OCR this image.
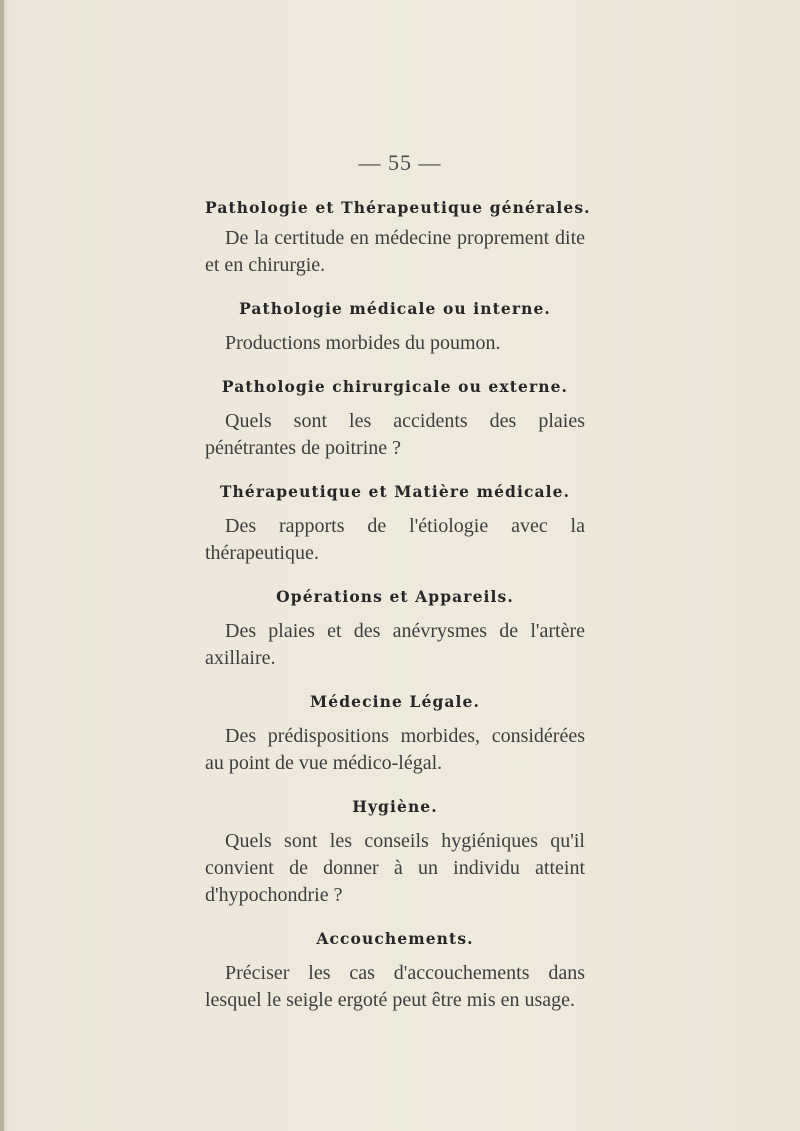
— 55 —
Pathologie et Thérapeutique générales.

De la certitude en médecine proprement dite et en chirurgie.

Pathologie médicale ou interne.

Productions morbides du poumon.

Pathologie chirurgicale ou externe.

Quels sont les accidents des plaies pénétrantes de poitrine ?

Thérapeutique et Matière médicale.

Des rapports de l'étiologie avec la thérapeutique.

Opérations et Appareils.

Des plaies et des anévrysmes de l'artère axillaire.

Médecine Légale.

Des prédispositions morbides, considérées au point de vue médico-légal.

Hygiène.

Quels sont les conseils hygiéniques qu'il convient de donner à un individu atteint d'hypochondrie ?

Accouchements.

Préciser les cas d'accouchements dans lesquel le seigle ergoté peut être mis en usage.
